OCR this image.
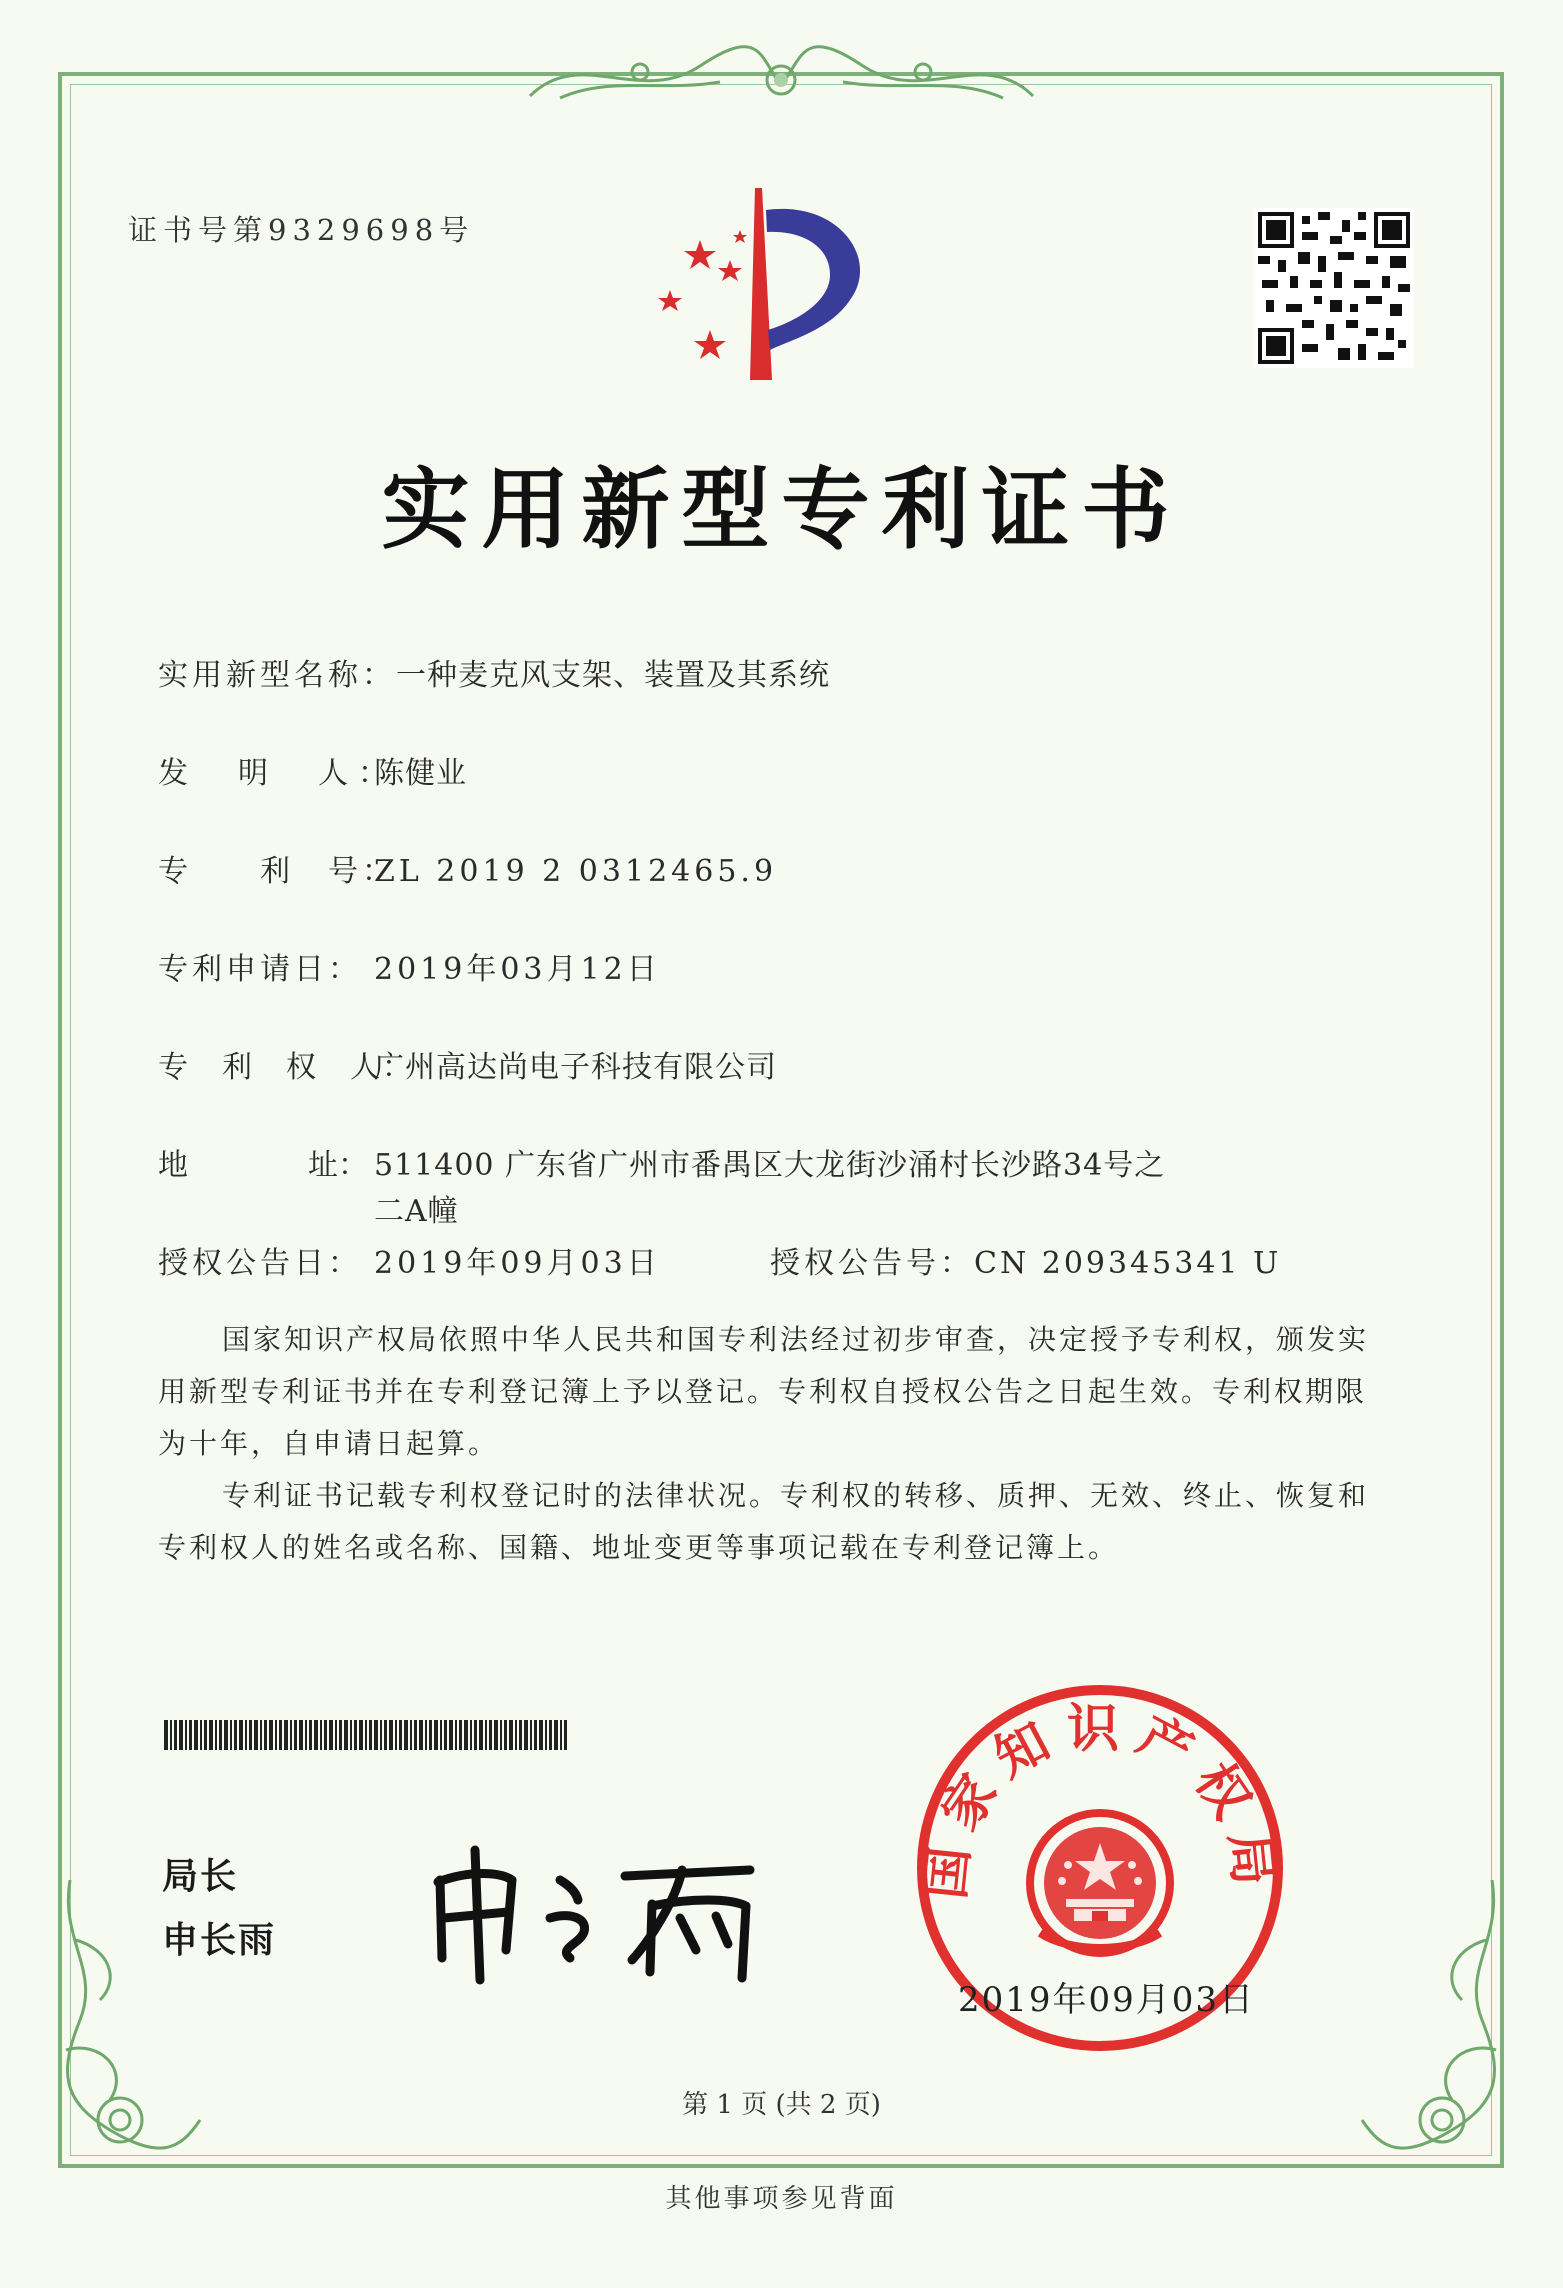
证书号第9329698号
实用新型专利证书
实用新型名称：一种麦克风支架、装置及其系统
发　明　人：陈健业
专　　利　号：ZL 2019 2 0312465.9
专利申请日： 2019年03月12日
专　利　权　人：广州高达尚电子科技有限公司
地　　　　址： 511400 广东省广州市番禺区大龙街沙涌村长沙路34号之
二A幢
授权公告日： 2019年09月03日	授权公告号：CN 209345341 U

国家知识产权局依照中华人民共和国专利法经过初步审查，决定授予专利权，颁发实用新型专利证书并在专利登记簿上予以登记。专利权自授权公告之日起生效。专利权期限为十年，自申请日起算。

专利证书记载专利权登记时的法律状况。专利权的转移、质押、无效、终止、恢复和专利权人的姓名或名称、国籍、地址变更等事项记载在专利登记簿上。

局长
申长雨
国家知识产权局
2019年09月03日
第 1 页 (共 2 页)
其他事项参见背面
